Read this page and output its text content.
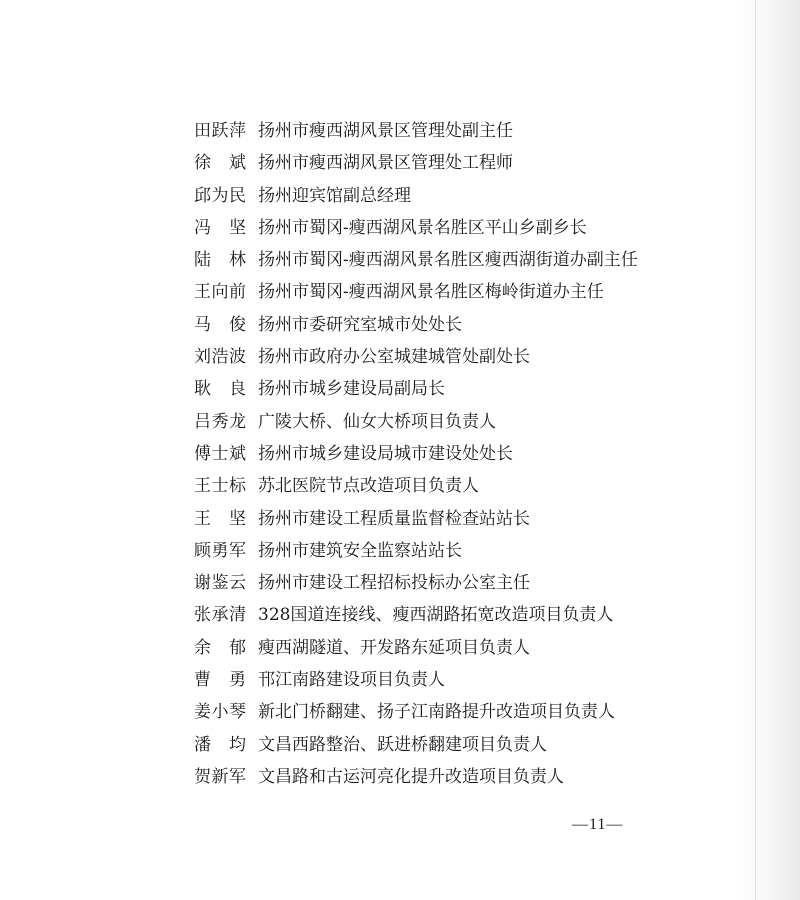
田跃萍 扬州市瘦西湖风景区管理处副主任
徐斌 扬州市瘦西湖风景区管理处工程师
邱为民 扬州迎宾馆副总经理
冯坚 扬州市蜀冈-瘦西湖风景名胜区平山乡副乡长
陆林 扬州市蜀冈-瘦西湖风景名胜区瘦西湖街道办副主任
王向前 扬州市蜀冈-瘦西湖风景名胜区梅岭街道办主任
马俊 扬州市委研究室城市处处长
刘浩波 扬州市政府办公室城建城管处副处长
耿良 扬州市城乡建设局副局长
吕秀龙 广陵大桥、仙女大桥项目负责人
傅士斌 扬州市城乡建设局城市建设处处长
王士标 苏北医院节点改造项目负责人
王坚 扬州市建设工程质量监督检查站站长
顾勇军 扬州市建筑安全监察站站长
谢鉴云 扬州市建设工程招标投标办公室主任
张承清 328国道连接线、瘦西湖路拓宽改造项目负责人
余郁 瘦西湖隧道、开发路东延项目负责人
曹勇 邗江南路建设项目负责人
姜小琴 新北门桥翻建、扬子江南路提升改造项目负责人
潘均 文昌西路整治、跃进桥翻建项目负责人
贺新军 文昌路和古运河亮化提升改造项目负责人
—11—
